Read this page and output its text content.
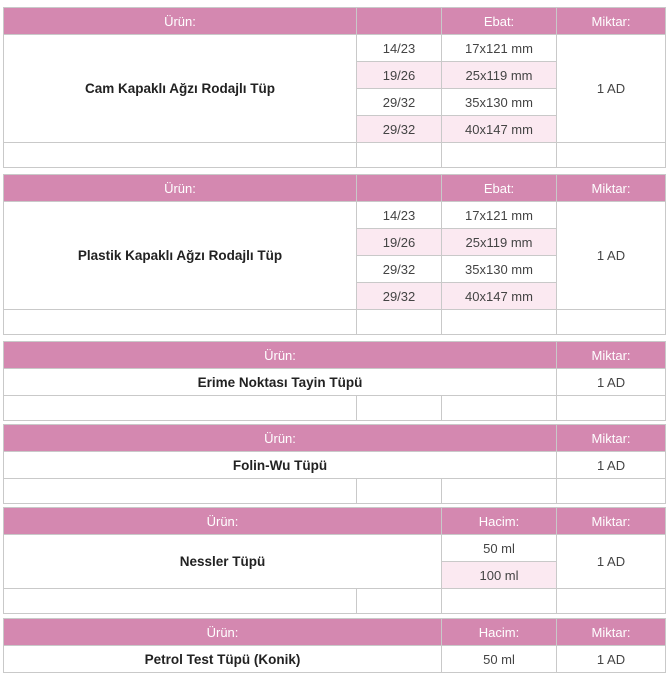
Ürün:		Ebat:	Miktar:
Cam Kapaklı Ağzı Rodajlı Tüp	14/23	17x121 mm	1 AD
	19/26	25x119 mm	
	29/32	35x130 mm	
	29/32	40x147 mm	

Ürün:		Ebat:	Miktar:
Plastik Kapaklı Ağzı Rodajlı Tüp	14/23	17x121 mm	1 AD
	19/26	25x119 mm	
	29/32	35x130 mm	
	29/32	40x147 mm	

Ürün:			Miktar:
Erime Noktası Tayin Tüpü			1 AD

Ürün:			Miktar:
Folin-Wu Tüpü			1 AD

Ürün:		Hacim:	Miktar:
Nessler Tüpü		50 ml	1 AD
		100 ml	

Ürün:	Hacim:	Miktar:
Petrol Test Tüpü (Konik)	50 ml	1 AD
